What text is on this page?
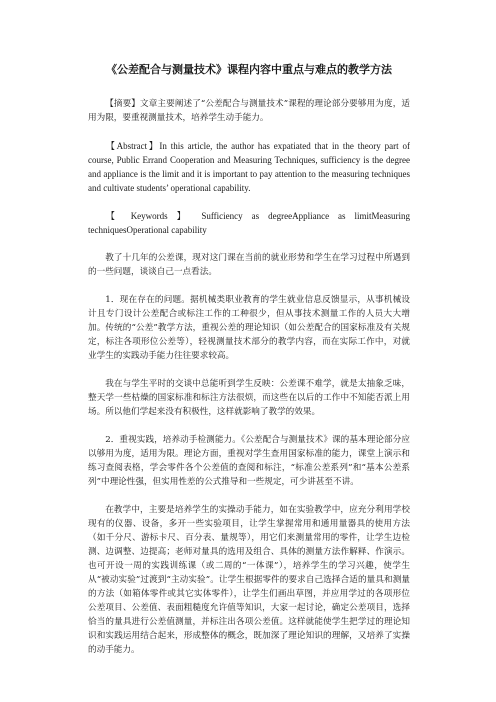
《公差配合与测量技术》课程内容中重点与难点的教学方法

【摘要】文章主要阐述了“公差配合与测量技术”课程的理论部分要够用为度，适用为限，要重视测量技术，培养学生动手能力。

【Abstract】In this article, the author has expatiated that in the theory part of course, Public Errand Cooperation and Measuring Techniques, sufficiency is the degree and appliance is the limit and it is important to pay attention to the measuring techniques and cultivate students’ operational capability.

【 Keywords 】 Sufficiency as degreeAppliance as limitMeasuring techniquesOperational capability

教了十几年的公差课，现对这门课在当前的就业形势和学生在学习过程中所遇到的一些问题，谈谈自己一点看法。

1．现在存在的问题。据机械类职业教育的学生就业信息反馈显示，从事机械设计且专门设计公差配合或标注工作的工种很少，但从事技术测量工作的人员大大增加。传统的“公差”教学方法，重视公差的理论知识（如公差配合的国家标准及有关规定，标注各项形位公差等），轻视测量技术部分的教学内容，而在实际工作中，对就业学生的实践动手能力往往要求较高。

我在与学生平时的交谈中总能听到学生反映：公差课不难学，就是太抽象乏味，整天学一些枯燥的国家标准和标注方法很烦，而这些在以后的工作中不知能否派上用场。所以他们学起来没有积极性，这样就影响了教学的效果。

2．重视实践，培养动手检测能力。《公差配合与测量技术》课的基本理论部分应以够用为度，适用为限。理论方面，重视对学生查用国家标准的能力，课堂上演示和练习查阅表格，学会零件各个公差值的查阅和标注，“标准公差系列”和“基本公差系列”中理论性强，但实用性差的公式推导和一些规定，可少讲甚至不讲。

在教学中，主要是培养学生的实操动手能力，如在实验教学中，应充分利用学校现有的仪器、设备，多开一些实验项目，让学生掌握常用和通用量器具的使用方法（如千分尺、游标卡尺、百分表、量规等），用它们来测量常用的零件，让学生边检测、边调整、边提高；老师对量具的选用及组合、具体的测量方法作解释、作演示。也可开设一周的实践训练课（或二周的“一体课”），培养学生的学习兴趣，使学生从“被动实验”过渡到“主动实验”。让学生根据零件的要求自己选择合适的量具和测量的方法（如箱体零件或其它实体零件），让学生们画出草图，并应用学过的各项形位公差项目、公差值、表面粗糙度允许值等知识，大家一起讨论，确定公差项目，选择恰当的量具进行公差值测量，并标注出各项公差值。这样就能使学生把学过的理论知识和实践运用结合起来，形成整体的概念，既加深了理论知识的理解，又培养了实操的动手能力。
